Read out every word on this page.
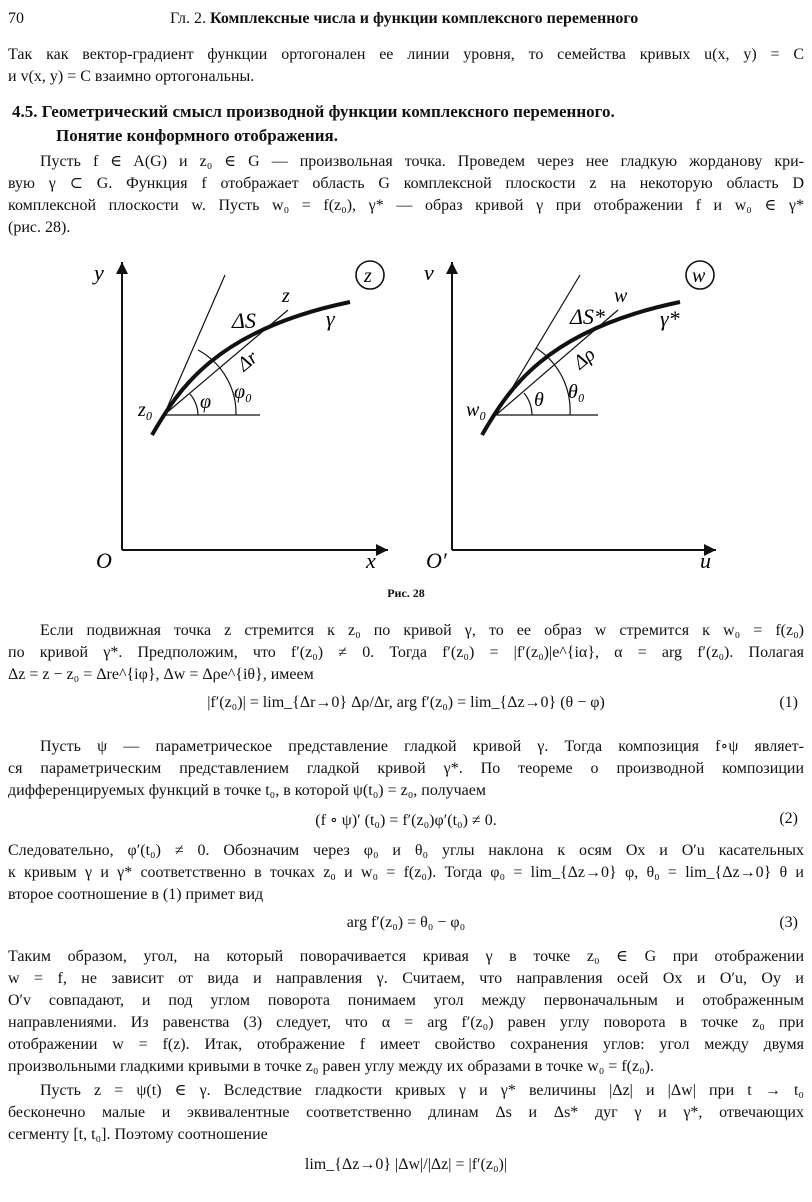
70	Гл. 2. Комплексные числа и функции комплексного переменного
Так как вектор-градиент функции ортогонален ее линии уровня, то семейства кривых u(x, y) = C
и v(x, y) = C взаимно ортогональны.
4.5. Геометрический смысл производной функции комплексного переменного.
Понятие конформного отображения.
Пусть f ∈ A(G) и z₀ ∈ G — произвольная точка. Проведем через нее гладкую жорданову кри-
вую γ ⊂ G. Функция f отображает область G комплексной плоскости z на некоторую область D
комплексной плоскости w. Пусть w₀ = f(z₀), γ* — образ кривой γ при отображении f и w₀ ∈ γ*
(рис. 28).
y
x
O
z
z₀
z
ΔS
Δr
γ
φ φ₀
v
u
O′
w
w₀
w
ΔS*
Δρ
γ*
θ θ₀
Рис. 28
Если подвижная точка z стремится к z₀ по кривой γ, то ее образ w стремится к w₀ = f(z₀)
по кривой γ*. Предположим, что f′(z₀) ≠ 0. Тогда f′(z₀) = |f′(z₀)|e^{iα}, α = arg f′(z₀). Полагая
Δz = z − z₀ = Δre^{iφ}, Δw = Δρe^{iθ}, имеем
|f′(z₀)| = lim_{Δr→0} Δρ/Δr, arg f′(z₀) = lim_{Δz→0} (θ − φ)	(1)
Пусть ψ — параметрическое представление гладкой кривой γ. Тогда композиция f∘ψ являет-
ся параметрическим представлением гладкой кривой γ*. По теореме о производной композиции
дифференцируемых функций в точке t₀, в которой ψ(t₀) = z₀, получаем
(f ∘ ψ)′ (t₀) = f′(z₀)φ′(t₀) ≠ 0.	(2)
Следовательно, φ′(t₀) ≠ 0. Обозначим через φ₀ и θ₀ углы наклона к осям Ox и O′u касательных
к кривым γ и γ* соответственно в точках z₀ и w₀ = f(z₀). Тогда φ₀ = lim_{Δz→0} φ, θ₀ = lim_{Δz→0} θ и
второе соотношение в (1) примет вид
arg f′(z₀) = θ₀ − φ₀	(3)
Таким образом, угол, на который поворачивается кривая γ в точке z₀ ∈ G при отображении
w = f, не зависит от вида и направления γ. Считаем, что направления осей Ox и O′u, Oy и
O′v совпадают, и под углом поворота понимаем угол между первоначальным и отображенным
направлениями. Из равенства (3) следует, что α = arg f′(z₀) равен углу поворота в точке z₀ при
отображении w = f(z). Итак, отображение f имеет свойство сохранения углов: угол между двумя
произвольными гладкими кривыми в точке z₀ равен углу между их образами в точке w₀ = f(z₀).
Пусть z = ψ(t) ∈ γ. Вследствие гладкости кривых γ и γ* величины |Δz| и |Δw| при t → t₀
бесконечно малые и эквивалентные соответственно длинам Δs и Δs* дуг γ и γ*, отвечающих
сегменту [t, t₀]. Поэтому соотношение
lim_{Δz→0} |Δw|/|Δz| = |f′(z₀)|
